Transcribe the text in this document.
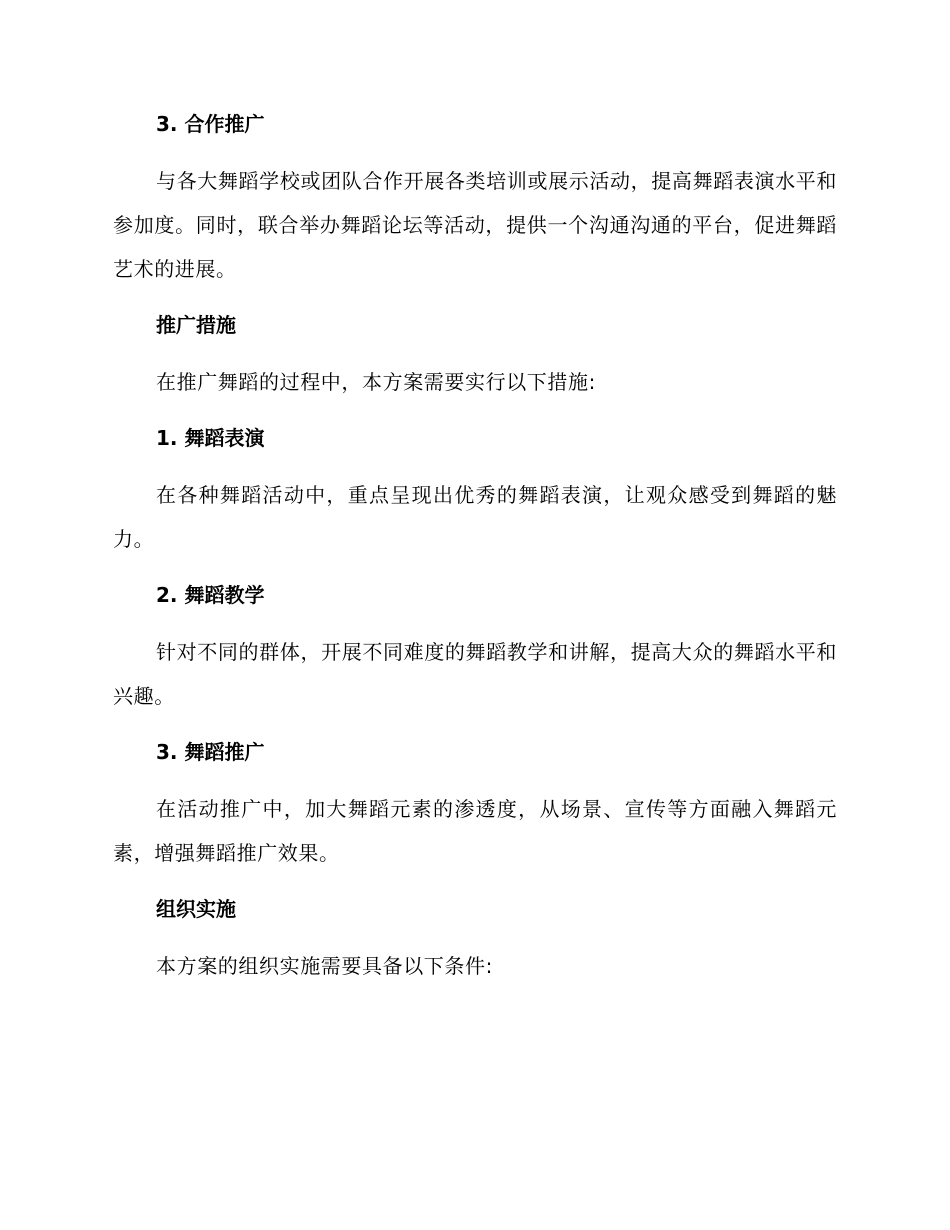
3. 合作推广
与各大舞蹈学校或团队合作开展各类培训或展示活动，提高舞蹈表演水平和参加度。同时，联合举办舞蹈论坛等活动，提供一个沟通沟通的平台，促进舞蹈艺术的进展。
推广措施
在推广舞蹈的过程中，本方案需要实行以下措施:
1. 舞蹈表演
在各种舞蹈活动中，重点呈现出优秀的舞蹈表演，让观众感受到舞蹈的魅力。
2. 舞蹈教学
针对不同的群体，开展不同难度的舞蹈教学和讲解，提高大众的舞蹈水平和兴趣。
3. 舞蹈推广
在活动推广中，加大舞蹈元素的渗透度，从场景、宣传等方面融入舞蹈元素，增强舞蹈推广效果。
组织实施
本方案的组织实施需要具备以下条件:
